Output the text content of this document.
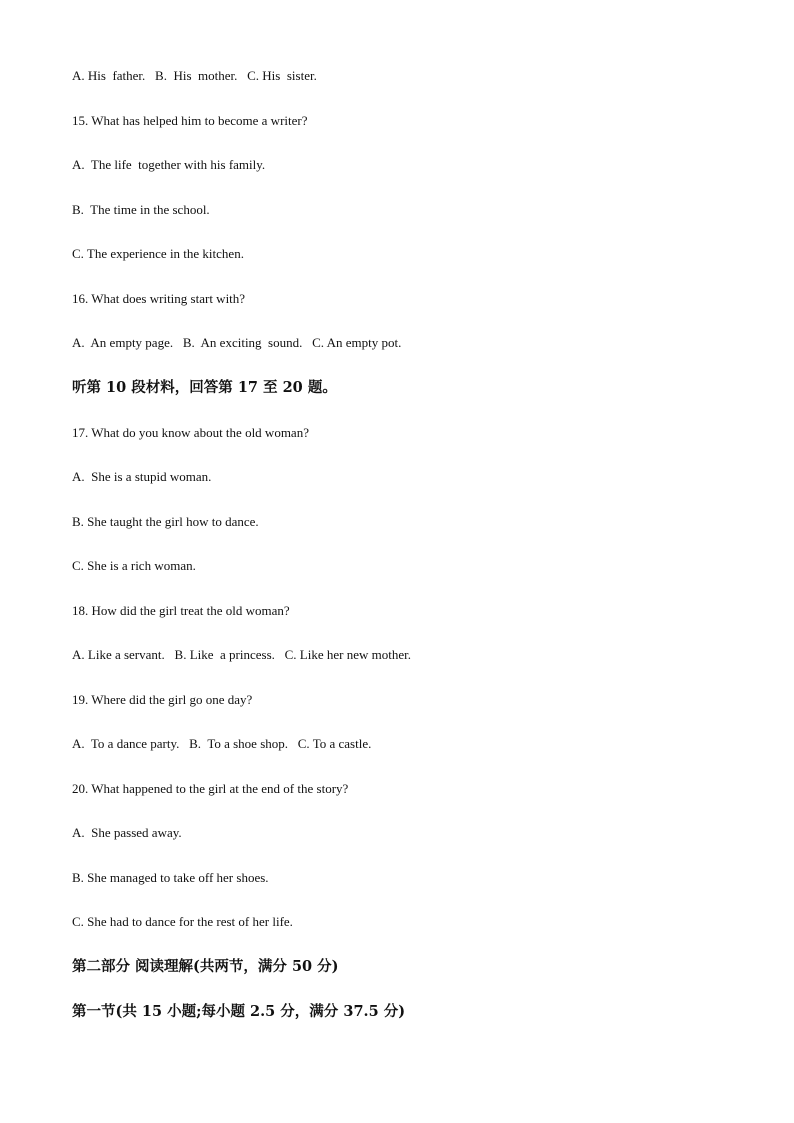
A. His  father.   B.  His  mother.   C. His  sister.
15. What has helped him to become a writer?
A.  The life  together with his family.
B.  The time in the school.
C. The experience in the kitchen.
16. What does writing start with?
A.  An empty page.   B.  An exciting  sound.   C. An empty pot.
听第 10 段材料，回答第 17 至 20 题。
17. What do you know about the old woman?
A.  She is a stupid woman.
B. She taught the girl how to dance.
C. She is a rich woman.
18. How did the girl treat the old woman?
A. Like a servant.   B. Like  a princess.   C. Like her new mother.
19. Where did the girl go one day?
A.  To a dance party.   B.  To a shoe shop.   C. To a castle.
20. What happened to the girl at the end of the story?
A.  She passed away.
B. She managed to take off her shoes.
C. She had to dance for the rest of her life.
第二部分 阅读理解(共两节，满分 50 分)
第一节(共 15 小题;每小题 2.5 分，满分 37.5 分)
